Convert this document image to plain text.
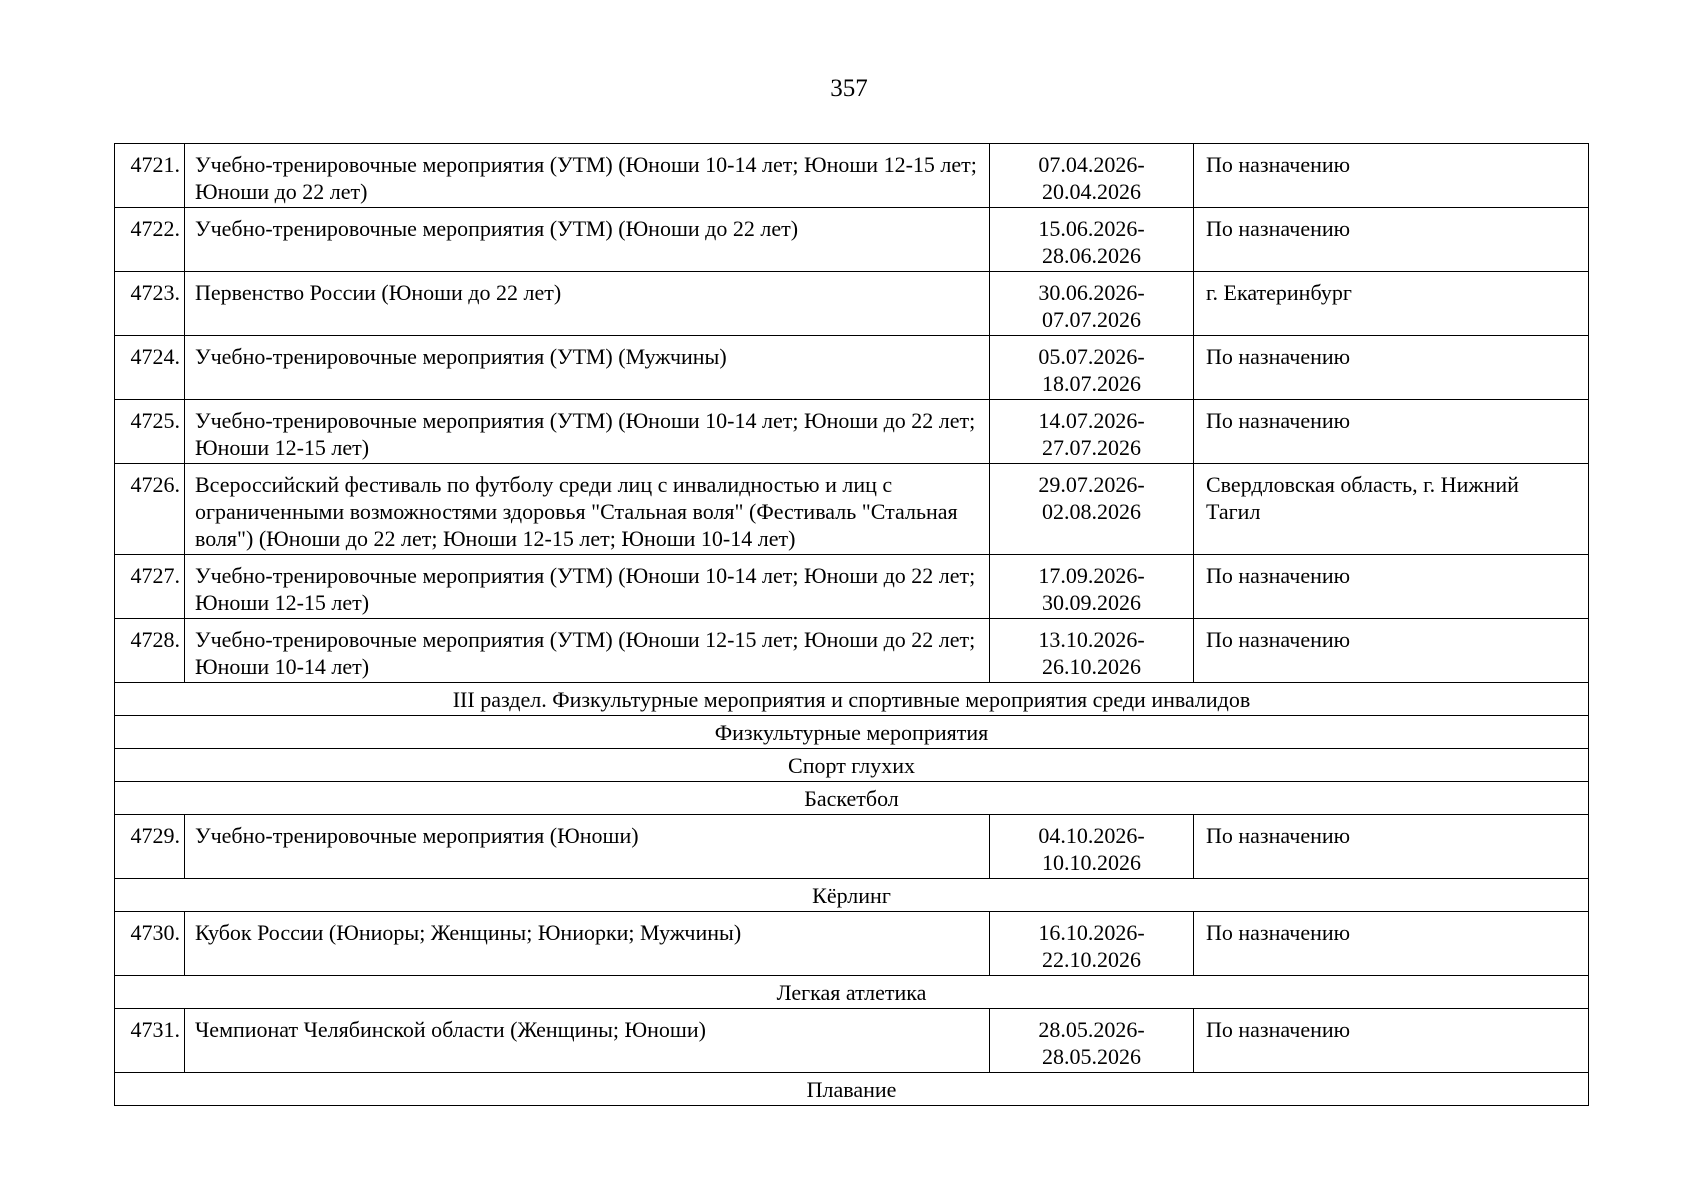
357
4721.	Учебно-тренировочные мероприятия (УТМ) (Юноши 10-14 лет; Юноши 12-15 лет; Юноши до 22 лет)	07.04.2026- 20.04.2026	По назначению
4722.	Учебно-тренировочные мероприятия (УТМ) (Юноши до 22 лет)	15.06.2026- 28.06.2026	По назначению
4723.	Первенство России (Юноши до 22 лет)	30.06.2026- 07.07.2026	г. Екатеринбург
4724.	Учебно-тренировочные мероприятия (УТМ) (Мужчины)	05.07.2026- 18.07.2026	По назначению
4725.	Учебно-тренировочные мероприятия (УТМ) (Юноши 10-14 лет; Юноши до 22 лет; Юноши 12-15 лет)	14.07.2026- 27.07.2026	По назначению
4726.	Всероссийский фестиваль по футболу среди лиц с инвалидностью и лиц с ограниченными возможностями здоровья "Стальная воля" (Фестиваль "Стальная воля") (Юноши до 22 лет; Юноши 12-15 лет; Юноши 10-14 лет)	29.07.2026- 02.08.2026	Свердловская область, г. Нижний Тагил
4727.	Учебно-тренировочные мероприятия (УТМ) (Юноши 10-14 лет; Юноши до 22 лет; Юноши 12-15 лет)	17.09.2026- 30.09.2026	По назначению
4728.	Учебно-тренировочные мероприятия (УТМ) (Юноши 12-15 лет; Юноши до 22 лет; Юноши 10-14 лет)	13.10.2026- 26.10.2026	По назначению
III раздел. Физкультурные мероприятия и спортивные мероприятия среди инвалидов			
Физкультурные мероприятия			
Спорт глухих			
Баскетбол			
4729.	Учебно-тренировочные мероприятия (Юноши)	04.10.2026- 10.10.2026	По назначению
Кёрлинг			
4730.	Кубок России (Юниоры; Женщины; Юниорки; Мужчины)	16.10.2026- 22.10.2026	По назначению
Легкая атлетика			
4731.	Чемпионат Челябинской области (Женщины; Юноши)	28.05.2026- 28.05.2026	По назначению
Плавание			
